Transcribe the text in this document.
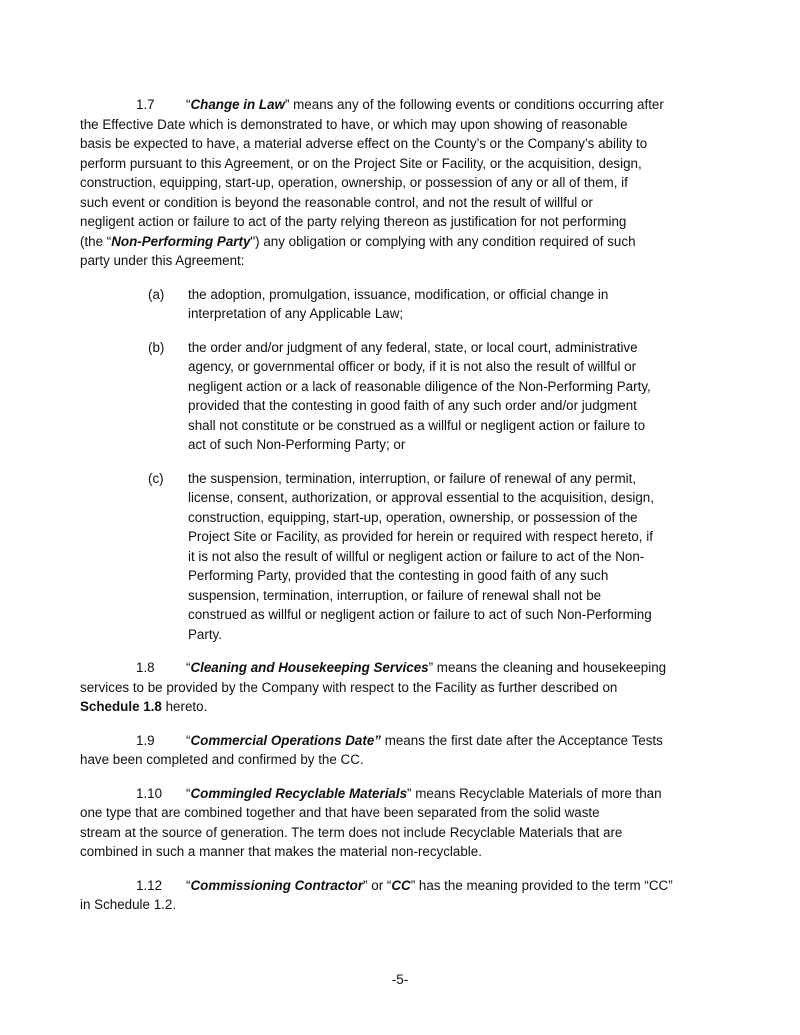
1.7 “Change in Law” means any of the following events or conditions occurring after
the Effective Date which is demonstrated to have, or which may upon showing of reasonable
basis be expected to have, a material adverse effect on the County’s or the Company’s ability to
perform pursuant to this Agreement, or on the Project Site or Facility, or the acquisition, design,
construction, equipping, start-up, operation, ownership, or possession of any or all of them, if
such event or condition is beyond the reasonable control, and not the result of willful or
negligent action or failure to act of the party relying thereon as justification for not performing
(the “Non-Performing Party") any obligation or complying with any condition required of such
party under this Agreement:
(a) the adoption, promulgation, issuance, modification, or official change in
interpretation of any Applicable Law;
(b) the order and/or judgment of any federal, state, or local court, administrative
agency, or governmental officer or body, if it is not also the result of willful or
negligent action or a lack of reasonable diligence of the Non-Performing Party,
provided that the contesting in good faith of any such order and/or judgment
shall not constitute or be construed as a willful or negligent action or failure to
act of such Non-Performing Party; or
(c) the suspension, termination, interruption, or failure of renewal of any permit,
license, consent, authorization, or approval essential to the acquisition, design,
construction, equipping, start-up, operation, ownership, or possession of the
Project Site or Facility, as provided for herein or required with respect hereto, if
it is not also the result of willful or negligent action or failure to act of the Non-
Performing Party, provided that the contesting in good faith of any such
suspension, termination, interruption, or failure of renewal shall not be
construed as willful or negligent action or failure to act of such Non-Performing
Party.
1.8 “Cleaning and Housekeeping Services” means the cleaning and housekeeping
services to be provided by the Company with respect to the Facility as further described on
Schedule 1.8 hereto.
1.9 “Commercial Operations Date” means the first date after the Acceptance Tests
have been completed and confirmed by the CC.
1.10 “Commingled Recyclable Materials” means Recyclable Materials of more than
one type that are combined together and that have been separated from the solid waste
stream at the source of generation. The term does not include Recyclable Materials that are
combined in such a manner that makes the material non-recyclable.
1.12 “Commissioning Contractor” or “CC” has the meaning provided to the term “CC”
in Schedule 1.2.
-5-
